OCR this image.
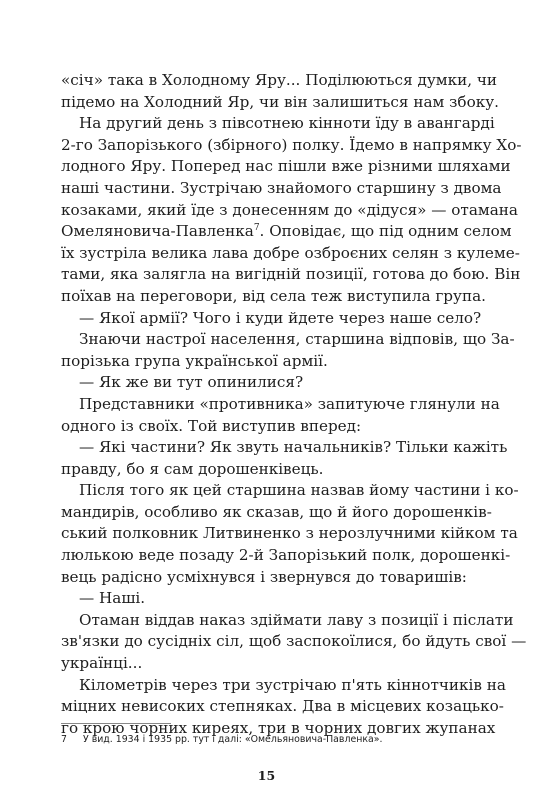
«січ» така в Холодному Яру... Поділюються думки, чи
підемо на Холодний Яр, чи він залишиться нам збоку.
На другий день з півсотнею кінноти їду в авангарді
2-го Запорізького (збірного) полку. Їдемо в напрямку Хо-
лодного Яру. Поперед нас пішли вже різними шляхами
наші частини. Зустрічаю знайомого старшину з двома
козаками, який їде з донесенням до «дідуся» — отамана
Омеляновича-Павленка$^7$. Оповідає, що під одним селом
їх зустріла велика лава добре озброєних селян з кулеме-
тами, яка залягла на вигідній позиції, готова до бою. Він
поїхав на переговори, від села теж виступила група.
— Якої армії? Чого і куди йдете через наше село?
Знаючи настрої населення, старшина відповів, що За-
порізька група української армії.
— Як же ви тут опинилися?
Представники «противника» запитуюче глянули на
одного із своїх. Той виступив вперед:
— Які частини? Як звуть начальників? Тільки кажіть
правду, бо я сам дорошенківець.
Після того як цей старшина назвав йому частини і ко-
мандирів, особливо як сказав, що й його дорошенків-
ський полковник Литвиненко з нерозлучними кійком та
люлькою веде позаду 2-й Запорізький полк, дорошенкі-
вець радісно усміхнувся і звернувся до товаришів:
— Наші.
Отаман віддав наказ здіймати лаву з позиції і післати
зв'язки до сусідніх сіл, щоб заспокоїлися, бо йдуть свої —
українці...
Кілометрів через три зустрічаю п'ять кіннотчиків на
міцних невисоких степняках. Два в місцевих козацько-
го крою чорних киреях, три в чорних довгих жупанах
7 У вид. 1934 і 1935 рр. тут і далі: «Омельяновича-Павленка».
15
